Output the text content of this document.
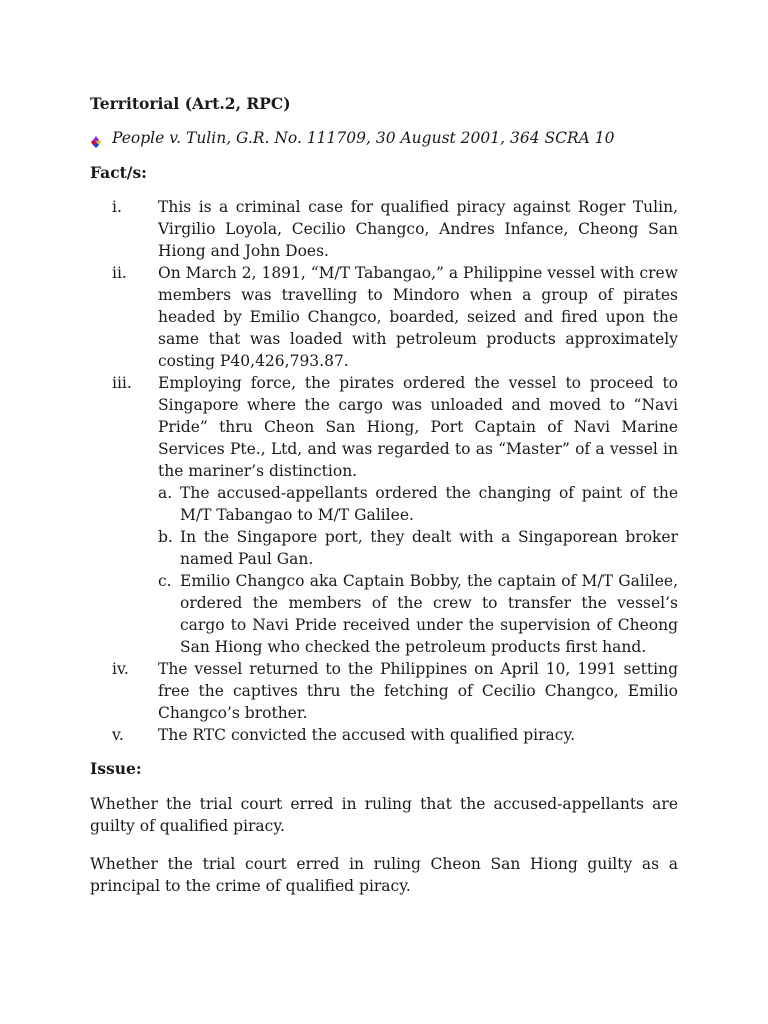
Territorial (Art.2, RPC)

People v. Tulin, G.R. No. 111709, 30 August 2001, 364 SCRA 10

Fact/s:

i.	This is a criminal case for qualified piracy against Roger Tulin, Virgilio Loyola, Cecilio Changco, Andres Infance, Cheong San Hiong and John Does.
ii.	On March 2, 1891, “M/T Tabangao,” a Philippine vessel with crew members was travelling to Mindoro when a group of pirates headed by Emilio Changco, boarded, seized and fired upon the same that was loaded with petroleum products approximately costing P40,426,793.87.
iii.	Employing force, the pirates ordered the vessel to proceed to Singapore where the cargo was unloaded and moved to “Navi Pride” thru Cheon San Hiong, Port Captain of Navi Marine Services Pte., Ltd, and was regarded to as “Master” of a vessel in the mariner’s distinction.
a. The accused-appellants ordered the changing of paint of the M/T Tabangao to M/T Galilee.
b. In the Singapore port, they dealt with a Singaporean broker named Paul Gan.
c. Emilio Changco aka Captain Bobby, the captain of M/T Galilee, ordered the members of the crew to transfer the vessel’s cargo to Navi Pride received under the supervision of Cheong San Hiong who checked the petroleum products first hand.
iv.	The vessel returned to the Philippines on April 10, 1991 setting free the captives thru the fetching of Cecilio Changco, Emilio Changco’s brother.
v.	The RTC convicted the accused with qualified piracy.

Issue:

Whether the trial court erred in ruling that the accused-appellants are guilty of qualified piracy.

Whether the trial court erred in ruling Cheon San Hiong guilty as a principal to the crime of qualified piracy.
